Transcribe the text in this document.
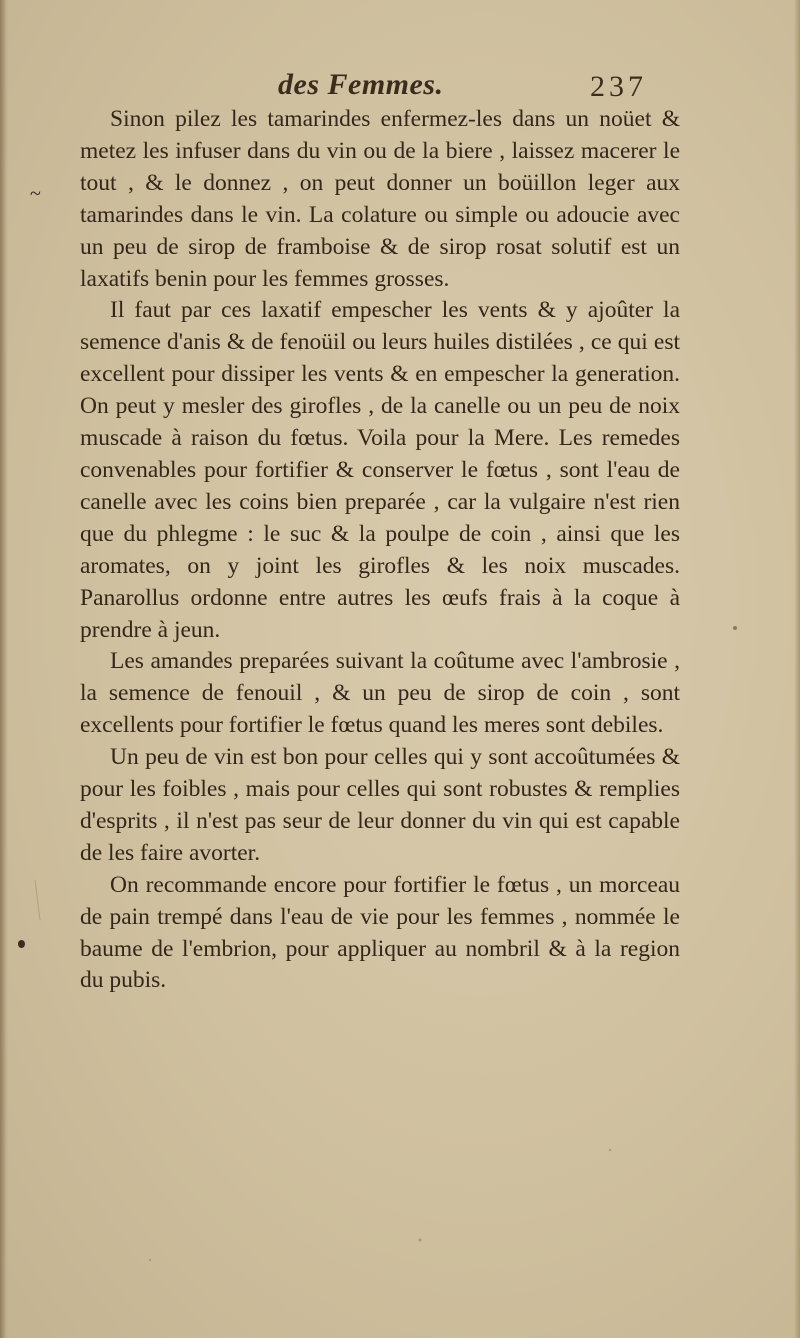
des Femmes.	237
~

Sinon pilez les tamarindes enfermez-les dans un noüet & metez les infuser dans du vin ou de la biere , laissez macerer le tout , & le donnez , on peut donner un boüillon leger aux tamarindes dans le vin. La colature ou simple ou adoucie avec un peu de sirop de framboise & de sirop rosat solutif est un laxatifs benin pour les femmes grosses.

Il faut par ces laxatif empescher les vents & y ajoûter la semence d'anis & de fenoüil ou leurs huiles distilées , ce qui est excellent pour dissiper les vents & en empescher la generation. On peut y mesler des girofles , de la canelle ou un peu de noix muscade à raison du fœtus. Voila pour la Mere. Les remedes convenables pour fortifier & conserver le fœtus , sont l'eau de canelle avec les coins bien preparée , car la vulgaire n'est rien que du phlegme : le suc & la poulpe de coin , ainsi que les aromates, on y joint les girofles & les noix muscades. Panarollus ordonne entre autres les œufs frais à la coque à prendre à jeun.

Les amandes preparées suivant la coûtume avec l'ambrosie , la semence de fenouil , & un peu de sirop de coin , sont excellents pour fortifier le fœtus quand les meres sont debiles.

Un peu de vin est bon pour celles qui y sont accoûtumées & pour les foibles , mais pour celles qui sont robustes & remplies d'esprits , il n'est pas seur de leur donner du vin qui est capable de les faire avorter.

On recommande encore pour fortifier le fœtus , un morceau de pain trempé dans l'eau de vie pour les femmes , nommée le baume de l'embrion, pour appliquer au nombril & à la region du pubis.
